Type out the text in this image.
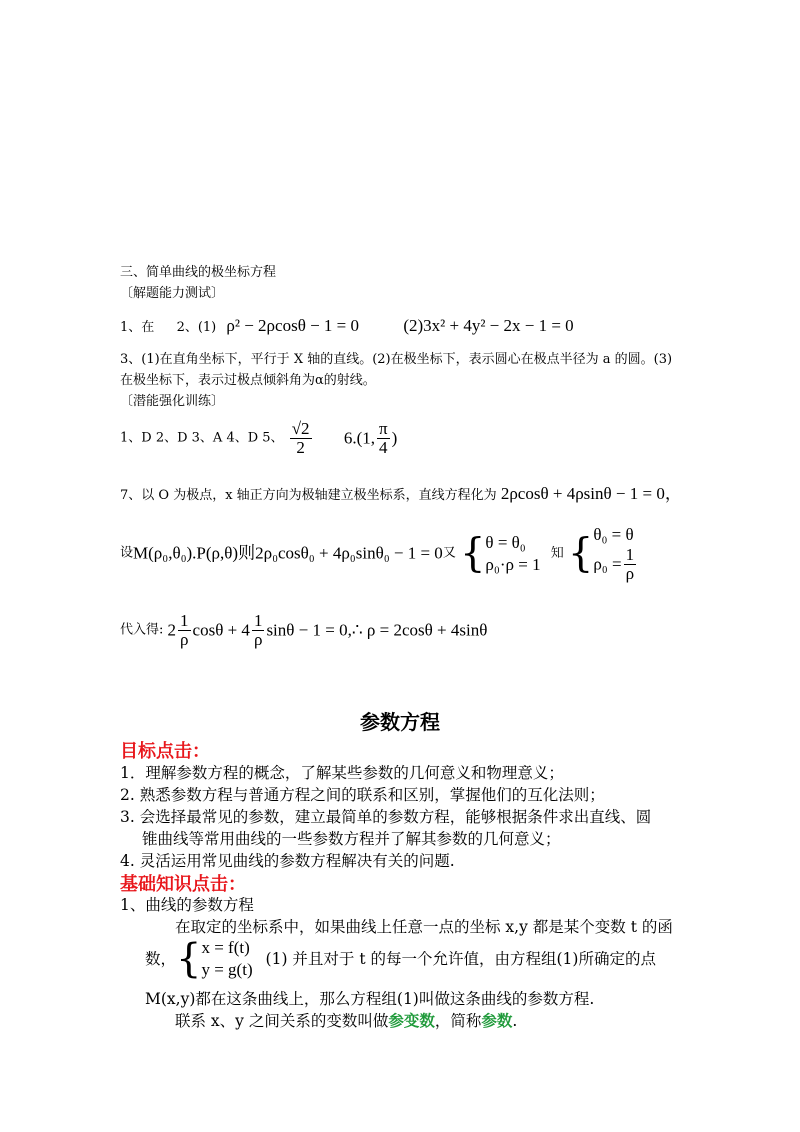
三、简单曲线的极坐标方程
〔解题能力测试〕
1、在 2、(1) ρ² − 2ρcosθ − 1 = 0	(2)3x² + 4y² − 2x − 1 = 0
3、(1)在直角坐标下，平行于 X 轴的直线。(2)在极坐标下，表示圆心在极点半径为 a 的圆。(3)
在极坐标下，表示过极点倾斜角为α的射线。
〔潜能强化训练〕
1、D 2、D 3、A 4、D 5、 $\frac{√2}{2} 6.(1$, $\frac{\pi}{4}$ )
7、以 O 为极点，x 轴正方向为极轴建立极坐标系，直线方程化为 2ρcosθ + 4ρsinθ − 1 = 0，
设M(ρ₀,θ₀).P(ρ,θ)则2ρ₀cosθ₀ + 4ρ₀sinθ₀ − 1 = 0又 { θ = θ₀
ρ₀·ρ = 1
知 { θ₀ = θ
$\rho_0 = \frac{1}{\rho}$
代入得: $2 \frac{1}{\rho}$ $\cos\theta + 4 \frac{1}{\rho}$ sinθ − 1 = 0,∴ ρ = 2cosθ + 4sinθ
参数方程
目标点击：
1．理解参数方程的概念，了解某些参数的几何意义和物理意义；
2. 熟悉参数方程与普通方程之间的联系和区别，掌握他们的互化法则；
3. 会选择最常见的参数，建立最简单的参数方程，能够根据条件求出直线、圆
锥曲线等常用曲线的一些参数方程并了解其参数的几何意义；
4. 灵活运用常见曲线的参数方程解决有关的问题.
基础知识点击：
1、曲线的参数方程
在取定的坐标系中，如果曲线上任意一点的坐标 x,y 都是某个变数 t 的函
数，{ x = f(t)
y = g(t)
(1) 并且对于 t 的每一个允许值，由方程组(1)所确定的点
M(x,y)都在这条曲线上，那么方程组(1)叫做这条曲线的参数方程.
联系 x、y 之间关系的变数叫做参变数，简称参数.
